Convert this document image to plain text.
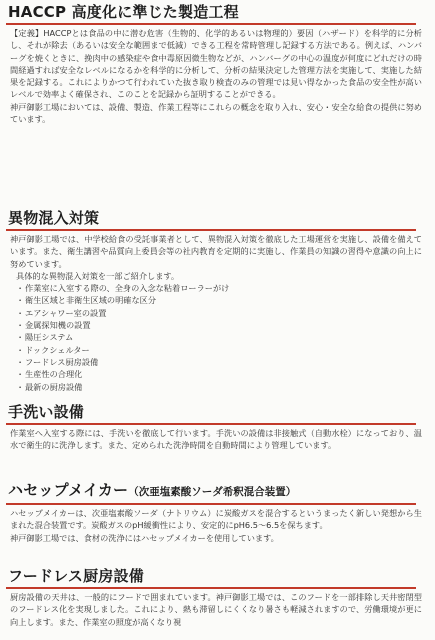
HACCP 高度化に準じた製造工程

【定義】HACCPとは食品の中に潜む危害（生物的、化学的あるいは物理的）要因（ハザード）を科学的に分析し、それが除去（あるいは安全な範囲まで低減）できる工程を常時管理し記録する方法である。例えば、ハンバーグを焼くときに、挽肉中の感染症や食中毒原因微生物などが、ハンバーグの中心の温度が何度にどれだけの時間経過すれば安全なレベルになるかを科学的に分析して、分析の結果決定した管理方法を実施して、実施した結果を記録する。これによりかつて行われていた抜き取り検査のみの管理では見い得なかった食品の安全性が高いレベルで効率よく確保され、このことを記録から証明することができる。

神戸御影工場においては、設備、製造、作業工程等にこれらの概念を取り入れ、安心・安全な給食の提供に努めています。

異物混入対策

神戸御影工場では、中学校給食の受託事業者として、異物混入対策を徹底した工場運営を実施し、設備を備えています。また、衛生講習や品質向上委員会等の社内教育を定期的に実施し、作業員の知識の習得や意識の向上に努めています。

具体的な異物混入対策を一部ご紹介します。

・作業室に入室する際の、全身の入念な粘着ローラーがけ
・衛生区域と非衛生区域の明確な区分
・エアシャワー室の設置
・金属探知機の設置
・陽圧システム
・ドックシェルター
・フードレス厨房設備
・生産性の合理化
・最新の厨房設備
手洗い設備

作業室へ入室する際には、手洗いを徹底して行います。手洗いの設備は非接触式（自動水栓）になっており、温水で衛生的に洗浄します。また、定められた洗浄時間を自動時間により管理しています。

ハセップメイカー（次亜塩素酸ソーダ希釈混合装置）

ハセップメイカーは、次亜塩素酸ソーダ（ナトリウム）に炭酸ガスを混合するというまったく新しい発想から生まれた混合装置です。炭酸ガスのpH緩衝性により、安定的にpH6.5〜6.5を保ちます。

神戸御影工場では、食材の洗浄にはハセップメイカーを使用しています。

フードレス厨房設備

厨房設備の天井は、一般的にフードで囲まれています。神戸御影工場では、このフードを一部排除し天井密閉型のフードレス化を実現しました。これにより、熱も滞留しにくくなり暑さも軽減されますので、労働環境が更に向上します。また、作業室の照度が高くなり視
